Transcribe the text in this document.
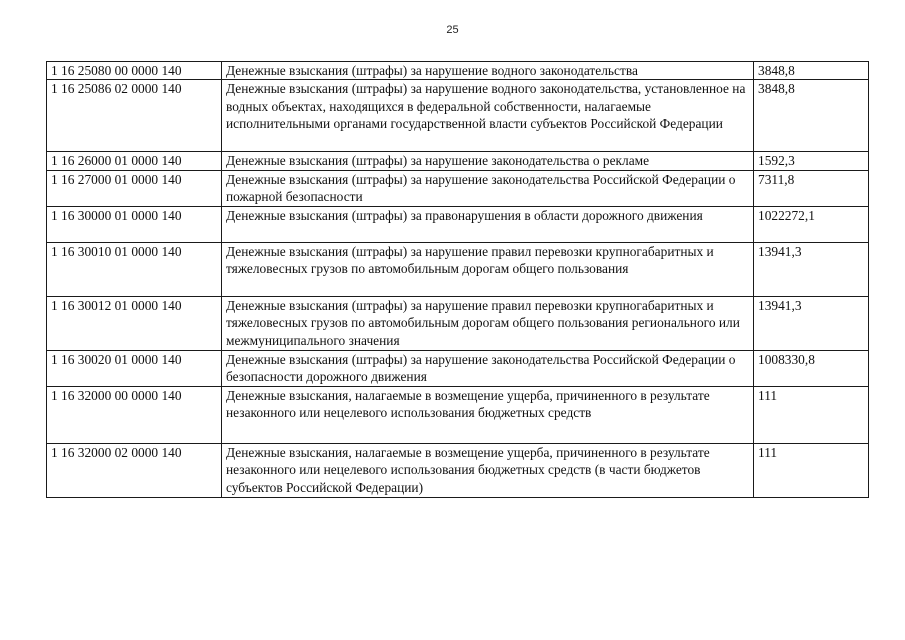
25
1 16 25080 00 0000 140	Денежные взыскания (штрафы) за нарушение водного законодательства	3848,8
1 16 25086 02 0000 140	Денежные взыскания (штрафы) за нарушение водного законодательства, установленное на водных объектах, находящихся в федеральной собственности, налагаемые исполнительными органами государственной власти субъектов Российской Федерации	3848,8
1 16 26000 01 0000 140	Денежные взыскания (штрафы) за нарушение законодательства о рекламе	1592,3
1 16 27000 01 0000 140	Денежные взыскания (штрафы) за нарушение законодательства Российской Федерации о пожарной безопасности	7311,8
1 16 30000 01 0000 140	Денежные взыскания (штрафы) за правонарушения в области дорожного движения	1022272,1
1 16 30010 01 0000 140	Денежные взыскания (штрафы) за нарушение правил перевозки крупногабаритных и тяжеловесных грузов по автомобильным дорогам общего пользования	13941,3
1 16 30012 01 0000 140	Денежные взыскания (штрафы) за нарушение правил перевозки крупногабаритных и тяжеловесных грузов по автомобильным дорогам общего пользования регионального или межмуниципального значения	13941,3
1 16 30020 01 0000 140	Денежные взыскания (штрафы) за нарушение законодательства Российской Федерации о безопасности дорожного движения	1008330,8
1 16 32000 00 0000 140	Денежные взыскания, налагаемые в возмещение ущерба, причиненного в результате незаконного или нецелевого использования бюджетных средств	111
1 16 32000 02 0000 140	Денежные взыскания, налагаемые в возмещение ущерба, причиненного в результате незаконного или нецелевого использования бюджетных средств (в части бюджетов субъектов Российской Федерации)	111
